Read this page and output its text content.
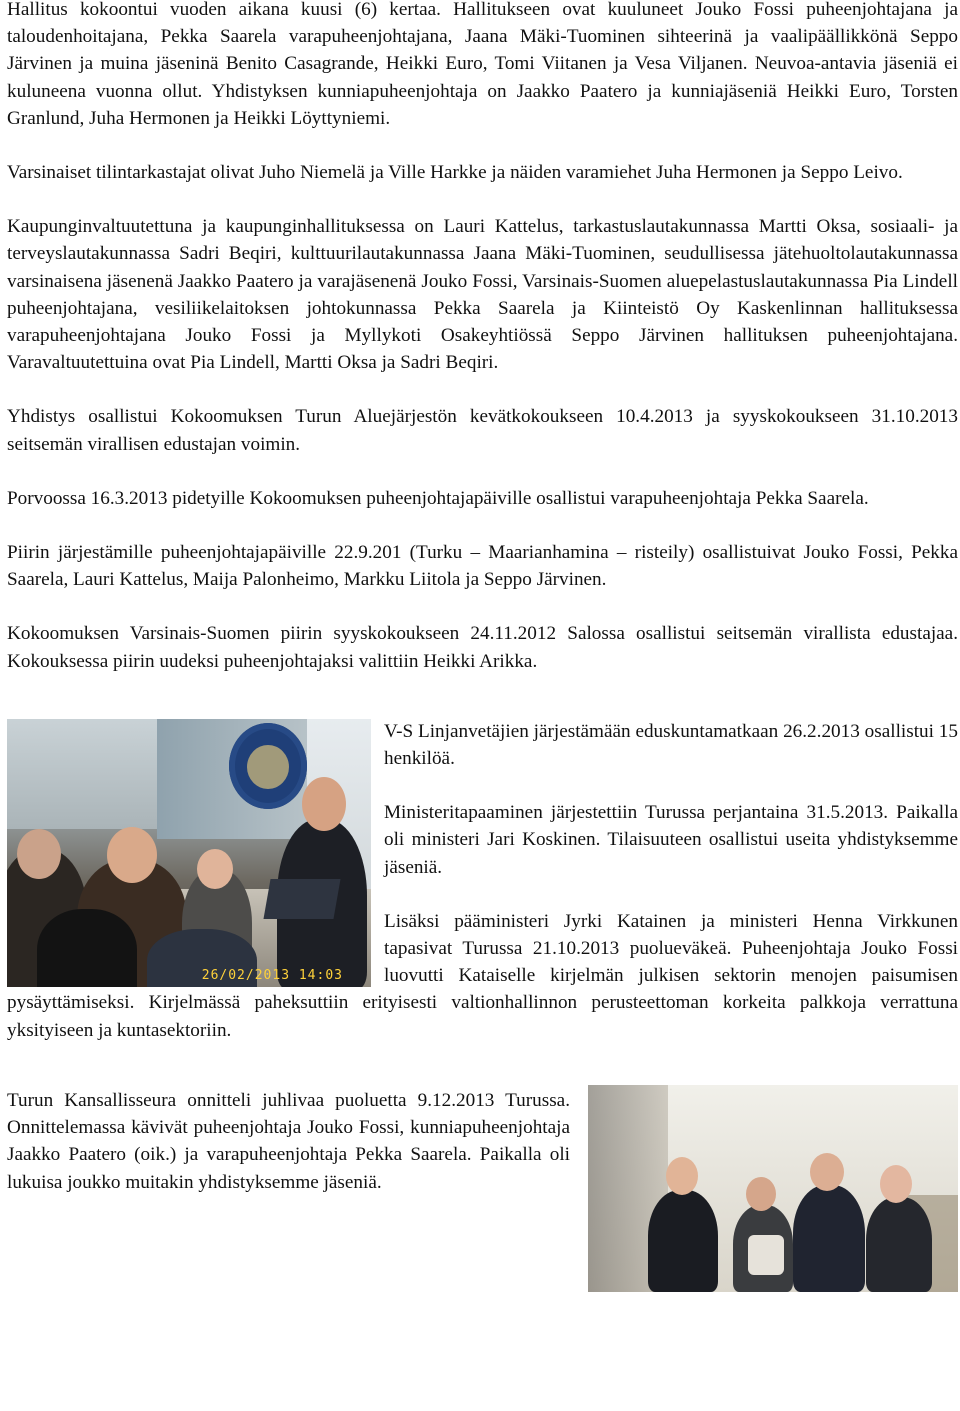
Hallitus kokoontui vuoden aikana kuusi (6) kertaa. Hallitukseen ovat kuuluneet Jouko Fossi puheenjohtajana ja taloudenhoitajana, Pekka Saarela varapuheenjohtajana, Jaana Mäki-Tuominen sihteerinä ja vaalipäällikkönä Seppo Järvinen ja muina jäseninä Benito Casagrande, Heikki Euro, Tomi Viitanen ja Vesa Viljanen. Neuvoa-antavia jäseniä ei kuluneena vuonna ollut. Yhdistyksen kunniapuheenjohtaja on Jaakko Paatero ja kunniajäseniä Heikki Euro, Torsten Granlund, Juha Hermonen ja Heikki Löyttyniemi.

Varsinaiset tilintarkastajat olivat Juho Niemelä ja Ville Harkke ja näiden varamiehet Juha Hermonen ja Seppo Leivo.

Kaupunginvaltuutettuna ja kaupunginhallituksessa on Lauri Kattelus, tarkastuslautakunnassa Martti Oksa, sosiaali- ja terveyslautakunnassa Sadri Beqiri, kulttuurilautakunnassa Jaana Mäki-Tuominen, seudullisessa jätehuoltolautakunnassa varsinaisena jäsenenä Jaakko Paatero ja varajäsenenä Jouko Fossi, Varsinais-Suomen aluepelastuslautakunnassa Pia Lindell puheenjohtajana, vesiliikelaitoksen johtokunnassa Pekka Saarela ja Kiinteistö Oy Kaskenlinnan hallituksessa varapuheenjohtajana Jouko Fossi ja Myllykoti Osakeyhtiössä Seppo Järvinen hallituksen puheenjohtajana. Varavaltuutettuina ovat Pia Lindell, Martti Oksa ja Sadri Beqiri.

Yhdistys osallistui Kokoomuksen Turun Aluejärjestön kevätkokoukseen 10.4.2013 ja syyskokoukseen 31.10.2013 seitsemän virallisen edustajan voimin.

Porvoossa 16.3.2013 pidetyille Kokoomuksen puheenjohtajapäiville osallistui varapuheenjohtaja Pekka Saarela.

Piirin järjestämille puheenjohtajapäiville 22.9.201 (Turku – Maarianhamina – risteily) osallistuivat Jouko Fossi, Pekka Saarela, Lauri Kattelus, Maija Palonheimo, Markku Liitola ja Seppo Järvinen.

Kokoomuksen Varsinais-Suomen piirin syyskokoukseen 24.11.2012 Salossa osallistui seitsemän virallista edustajaa. Kokouksessa piirin uudeksi puheenjohtajaksi valittiin Heikki Arikka.

26/02/2013 14:03

V-S Linjanvetäjien järjestämään eduskuntamatkaan 26.2.2013 osallistui 15 henkilöä.

Ministeritapaaminen järjestettiin Turussa perjantaina 31.5.2013. Paikalla oli ministeri Jari Koskinen. Tilaisuuteen osallistui useita yhdistyksemme jäseniä.

Lisäksi pääministeri Jyrki Katainen ja ministeri Henna Virkkunen tapasivat Turussa 21.10.2013 puolueväkeä. Puheenjohtaja Jouko Fossi luovutti Kataiselle kirjelmän julkisen sektorin menojen paisumisen pysäyttämiseksi. Kirjelmässä paheksuttiin erityisesti valtionhallinnon perusteettoman korkeita palkkoja verrattuna yksityiseen ja kuntasektoriin.

Turun Kansallisseura onnitteli juhlivaa puoluetta 9.12.2013 Turussa. Onnittelemassa kävivät puheenjohtaja Jouko Fossi, kunniapuheenjohtaja Jaakko Paatero (oik.) ja varapuheenjohtaja Pekka Saarela. Paikalla oli lukuisa joukko muitakin yhdistyksemme jäseniä.
